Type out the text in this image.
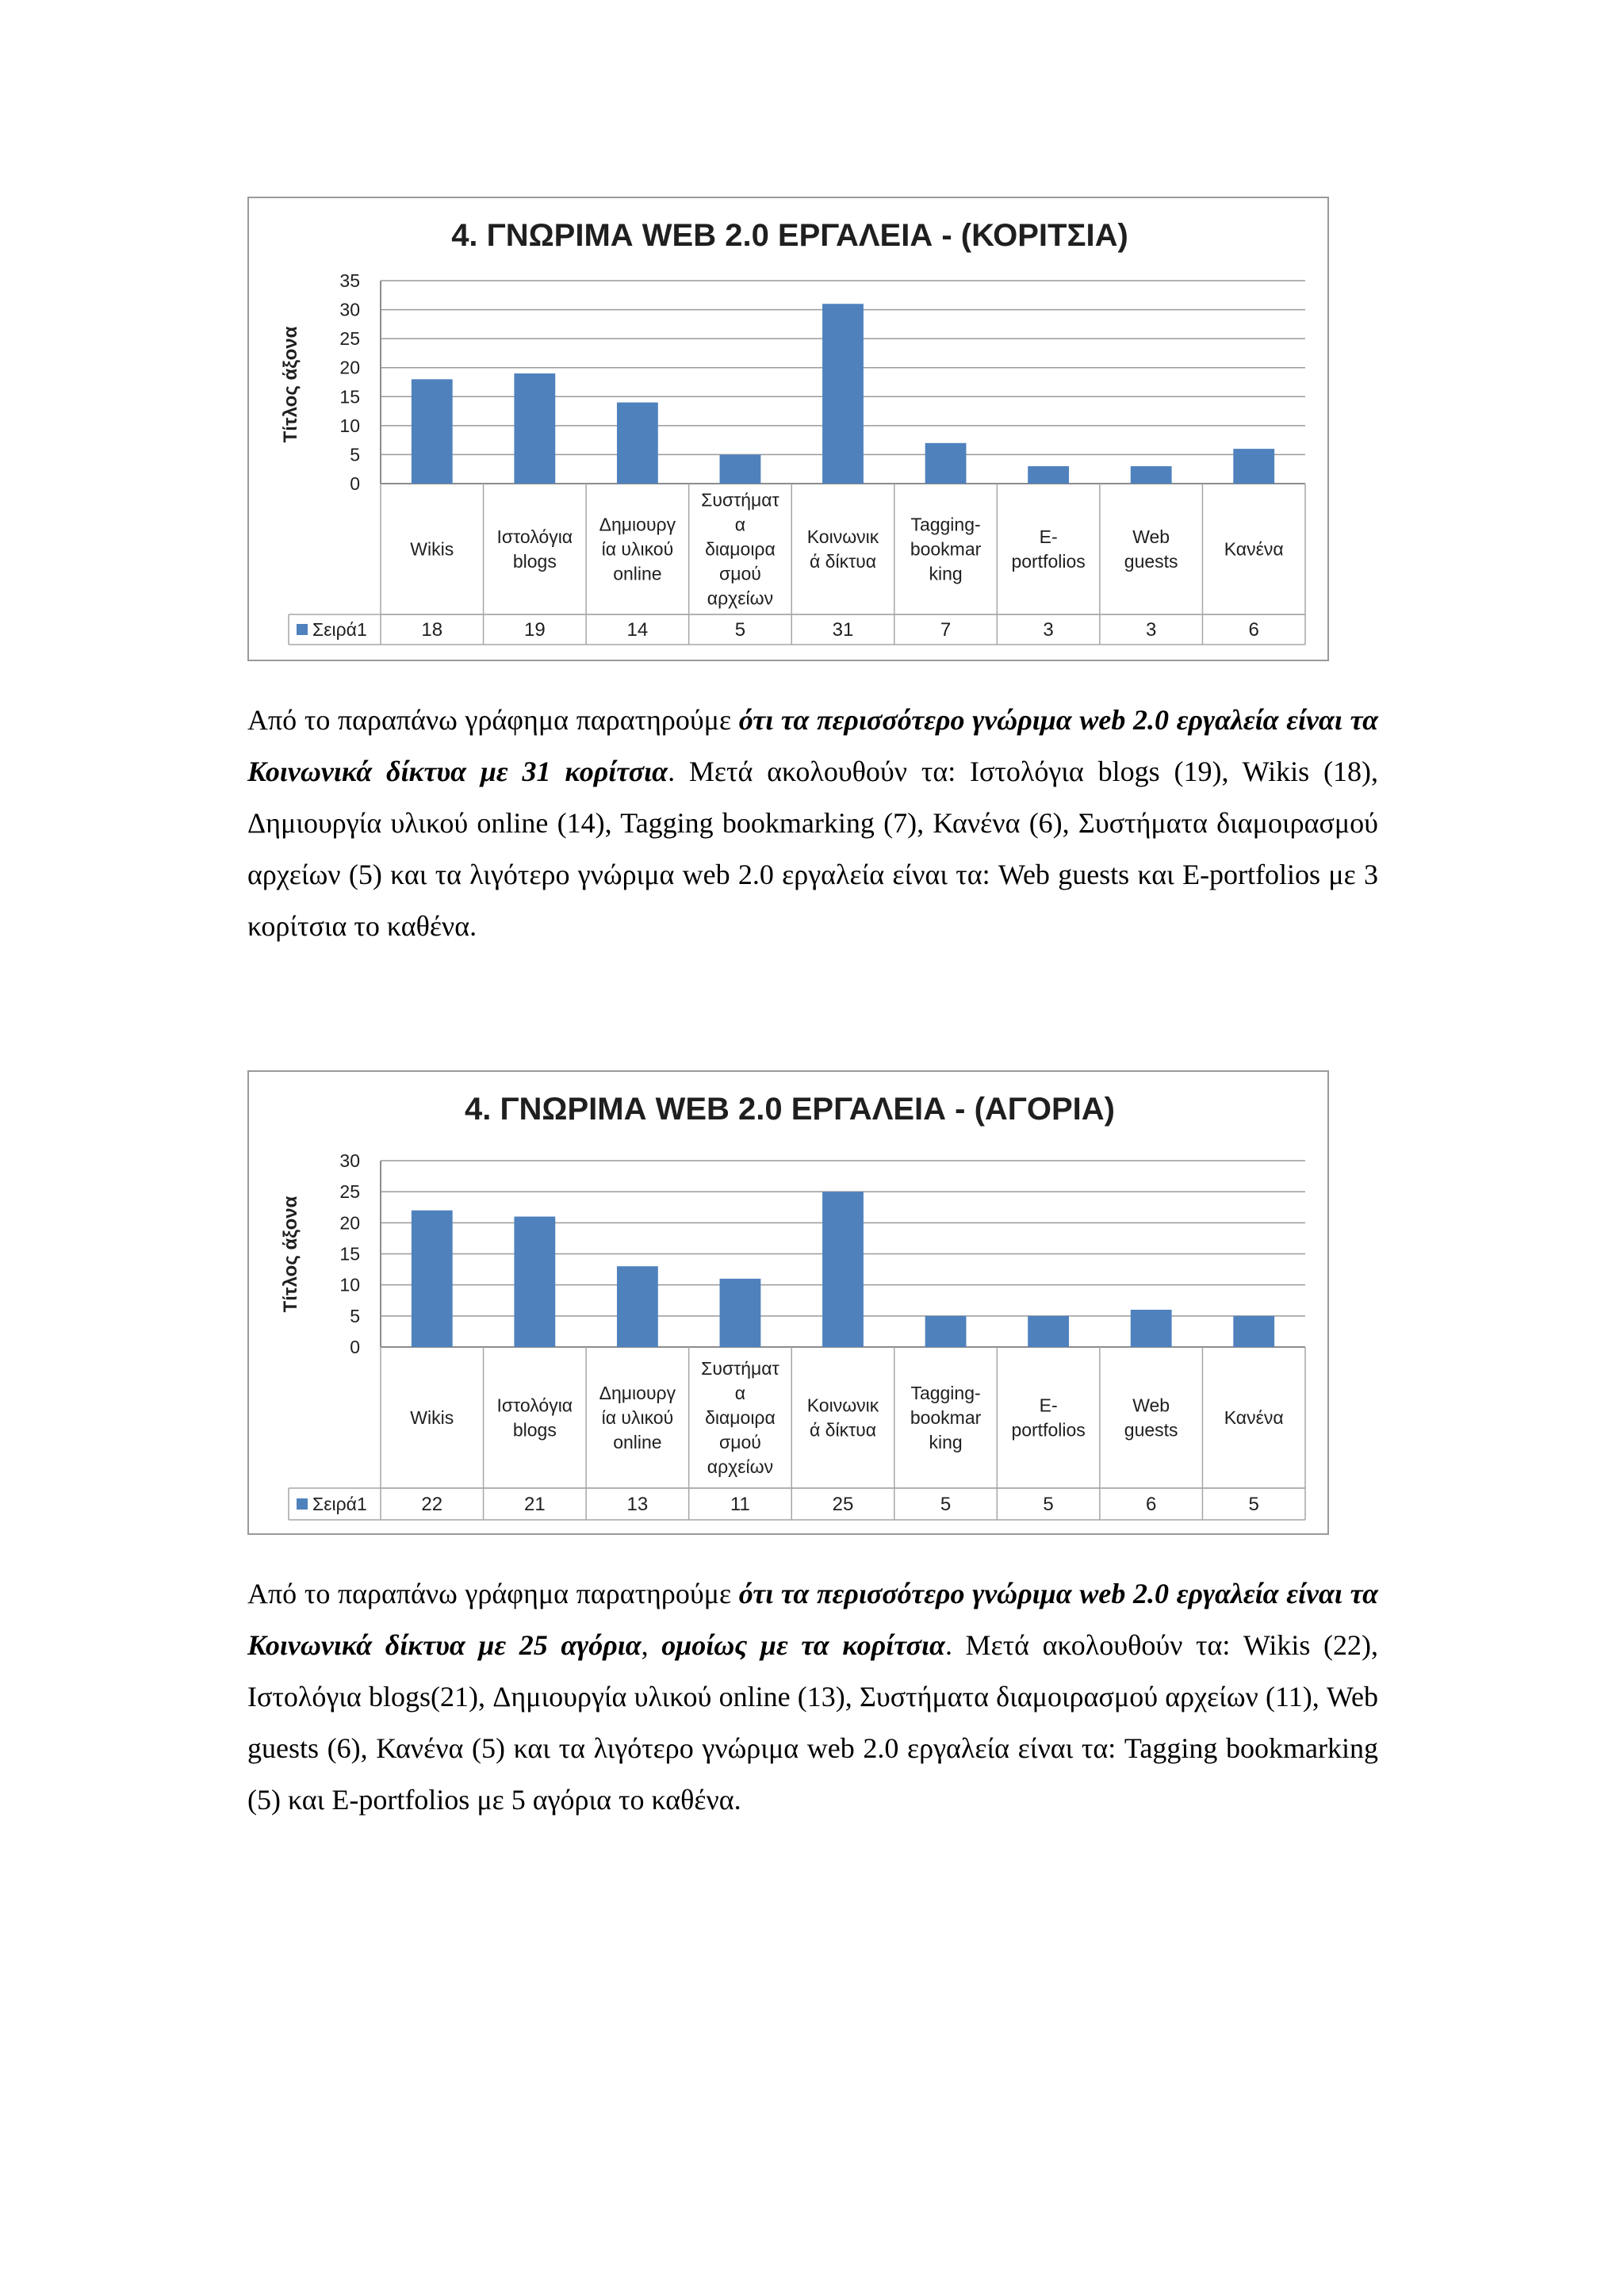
4. ΓΝΩΡΙΜΑ WEB 2.0 ΕΡΓΑΛΕΙΑ - (ΚΟΡΙΤΣΙΑ)
Τίτλος άξονα
0
5
10
15
20
25
30
35
Σειρά1
Wikis
18
Ιστολόγια
blogs
19
Δημιουργ
ία υλικού
online
14
Συστήματ
α
διαμοιρα
σμού
αρχείων
5
Κοινωνικ
ά δίκτυα
31
Tagging-
bookmar
king
7
E-
portfolios
3
Web
guests
3
Κανένα
6

Από το παραπάνω γράφημα παρατηρούμε ότι τα περισσότερο γνώριμα web 2.0 εργαλεία είναι τα Κοινωνικά δίκτυα με 31 κορίτσια. Μετά ακολουθούν τα: Ιστολόγια blogs (19), Wikis (18), Δημιουργία υλικού online (14), Tagging bookmarking (7), Κανένα (6), Συστήματα διαμοιρασμού αρχείων (5) και τα λιγότερο γνώριμα web 2.0 εργαλεία είναι τα: Web guests και E-portfolios με 3 κορίτσια το καθένα.

4. ΓΝΩΡΙΜΑ WEB 2.0 ΕΡΓΑΛΕΙΑ - (ΑΓΟΡΙΑ)
Τίτλος άξονα
0
5
10
15
20
25
30
Σειρά1
Wikis
22
Ιστολόγια
blogs
21
Δημιουργ
ία υλικού
online
13
Συστήματ
α
διαμοιρα
σμού
αρχείων
11
Κοινωνικ
ά δίκτυα
25
Tagging-
bookmar
king
5
E-
portfolios
5
Web
guests
6
Κανένα
5

Από το παραπάνω γράφημα παρατηρούμε ότι τα περισσότερο γνώριμα web 2.0 εργαλεία είναι τα Κοινωνικά δίκτυα με 25 αγόρια, ομοίως με τα κορίτσια. Μετά ακολουθούν τα: Wikis (22), Ιστολόγια blogs(21), Δημιουργία υλικού online (13), Συστήματα διαμοιρασμού αρχείων (11), Web guests (6), Κανένα (5) και τα λιγότερο γνώριμα web 2.0 εργαλεία είναι τα: Tagging bookmarking (5) και E-portfolios με 5 αγόρια το καθένα.
